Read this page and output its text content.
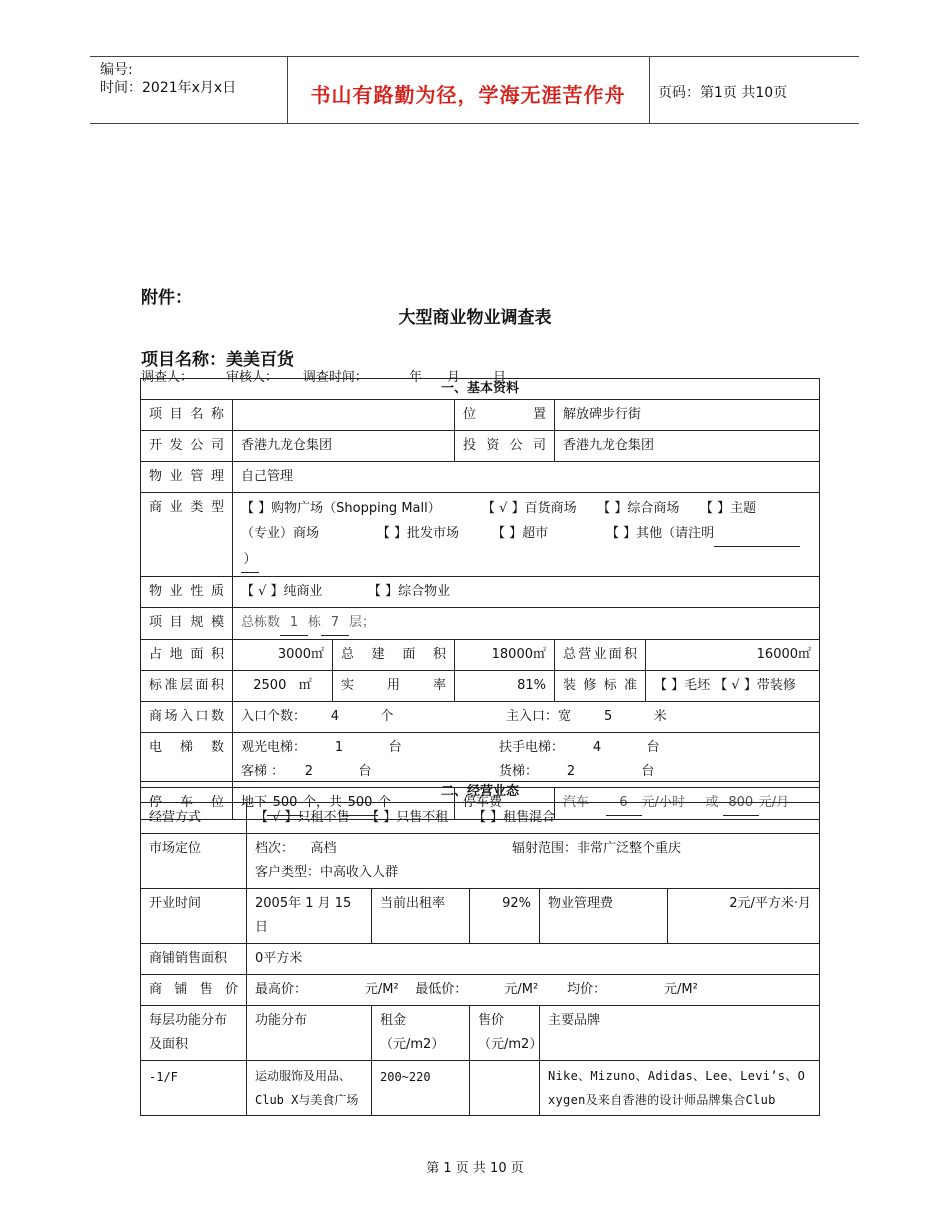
编号:
时间：2021年x月x日	书山有路勤为径，学海无涯苦作舟	页码：第1页 共10页
附件：
大型商业物业调查表
项目名称：美美百货
调查人：        审核人：      调查时间：          年      月        日
一、基本资料					
项 目 名 称			位 置	解放碑步行街	
开 发 公 司	香港九龙仓集团		投 资 公 司	香港九龙仓集团	
物 业 管 理	自己管理				
商 业 类 型	【 】购物广场（Shopping Mall）          【 √ 】百货商场     【 】综合商场     【 】主题
（专业）商场              【 】批发市场        【 】超市              【 】其他（请注明
）				

物 业 性 质	【 √ 】纯商业           【 】综合物业				
项 目 规 模	总栋数 1 栋 7 层；				
占 地 面 积	3000㎡	总 建 面 积	18000㎡	总营业面积	16000㎡
标准层面积	2500   ㎡	实 用 率	81%	装 修 标 准	【 】毛坯 【 √ 】带装修
商场入口数	入口个数：      4          个 主入口：宽        5          米				
电 梯 数	观光电梯：       1           台 扶手电梯：       4           台
客梯 ：     2           台 货梯：       2                台				

停 车 位	地下 500 个，共 500 个		停车费	汽车 6 元/小时     或 800 元/月	
二、经营业态					
经营方式	【 √ 】只租不售    【 】只售不租      【 】租售混合				
市场定位	档次：    高档 辐射范围：非常广泛整个重庆
客户类型：中高收入人群				

开业时间	2005年 1 月 15 日	当前出租率	92%	物业管理费	2元/平方米·月
商铺销售面积	0平方米				
商 铺 售 价	最高价：              元/M²    最低价：         元/M²       均价：              元/M²				
每层功能分布及面积	功能分布	租金（元/m2）	售价（元/m2）	主要品牌	
-1/F	运动服饰及用品、Club X与美食广场	200~220		Nike、Mizuno、Adidas、Lee、Levi’s、Oxygen及来自香港的设计师品牌集合Club	
第 1 页 共 10 页
